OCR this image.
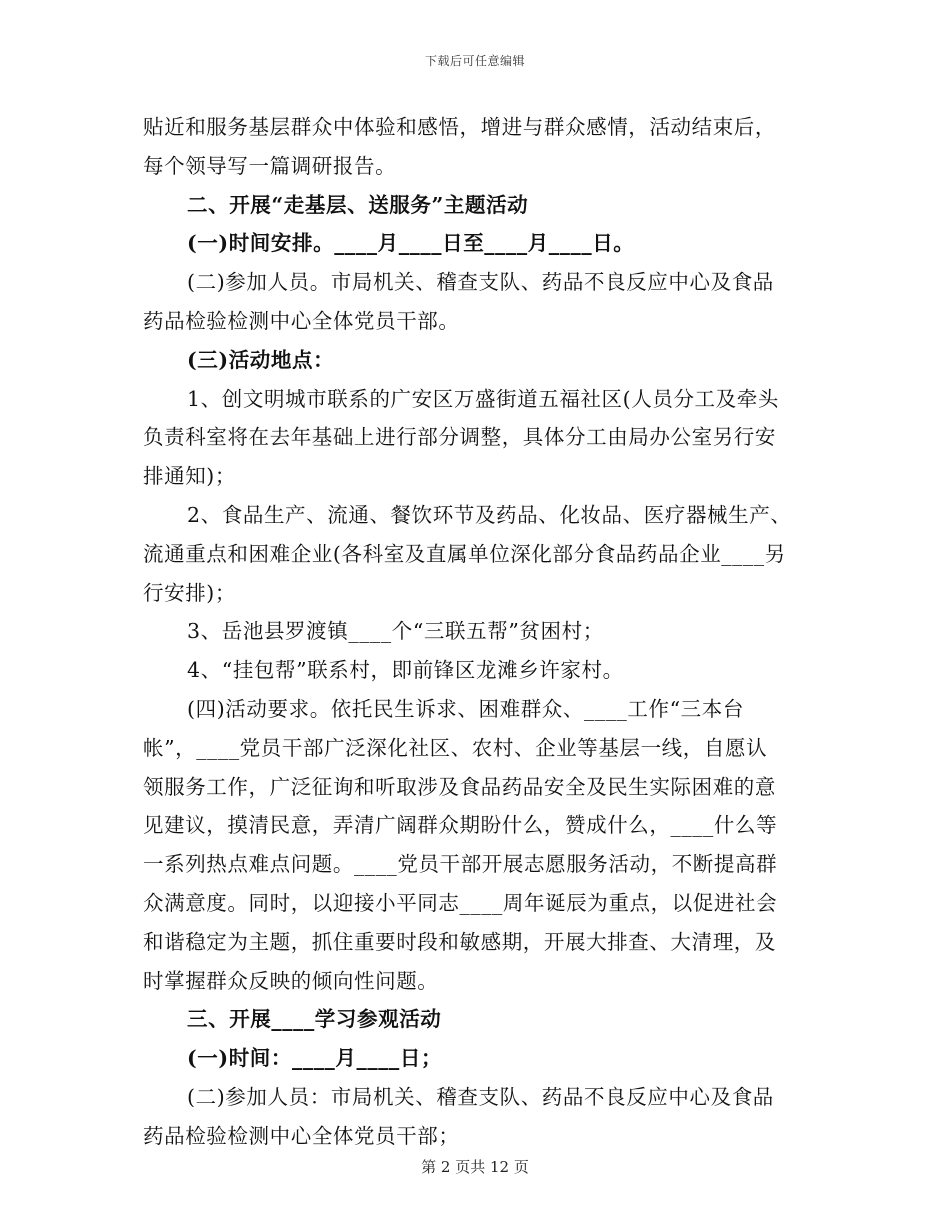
下载后可任意编辑
贴近和服务基层群众中体验和感悟，增进与群众感情，活动结束后，
每个领导写一篇调研报告。
二、开展“走基层、送服务”主题活动
(一)时间安排。____月____日至____月____日。
(二)参加人员。市局机关、稽查支队、药品不良反应中心及食品
药品检验检测中心全体党员干部。
(三)活动地点：
1、创文明城市联系的广安区万盛街道五福社区(人员分工及牵头
负责科室将在去年基础上进行部分调整，具体分工由局办公室另行安
排通知)；
2、食品生产、流通、餐饮环节及药品、化妆品、医疗器械生产、
流通重点和困难企业(各科室及直属单位深化部分食品药品企业____另
行安排)；
3、岳池县罗渡镇____个“三联五帮”贫困村；
4、“挂包帮”联系村，即前锋区龙滩乡许家村。
(四)活动要求。依托民生诉求、困难群众、____工作“三本台
帐”，____党员干部广泛深化社区、农村、企业等基层一线，自愿认
领服务工作，广泛征询和听取涉及食品药品安全及民生实际困难的意
见建议，摸清民意，弄清广阔群众期盼什么，赞成什么，____什么等
一系列热点难点问题。____党员干部开展志愿服务活动，不断提高群
众满意度。同时，以迎接小平同志____周年诞辰为重点，以促进社会
和谐稳定为主题，抓住重要时段和敏感期，开展大排查、大清理，及
时掌握群众反映的倾向性问题。
三、开展____学习参观活动
(一)时间：____月____日；
(二)参加人员：市局机关、稽查支队、药品不良反应中心及食品
药品检验检测中心全体党员干部；
第 2 页共 12 页
